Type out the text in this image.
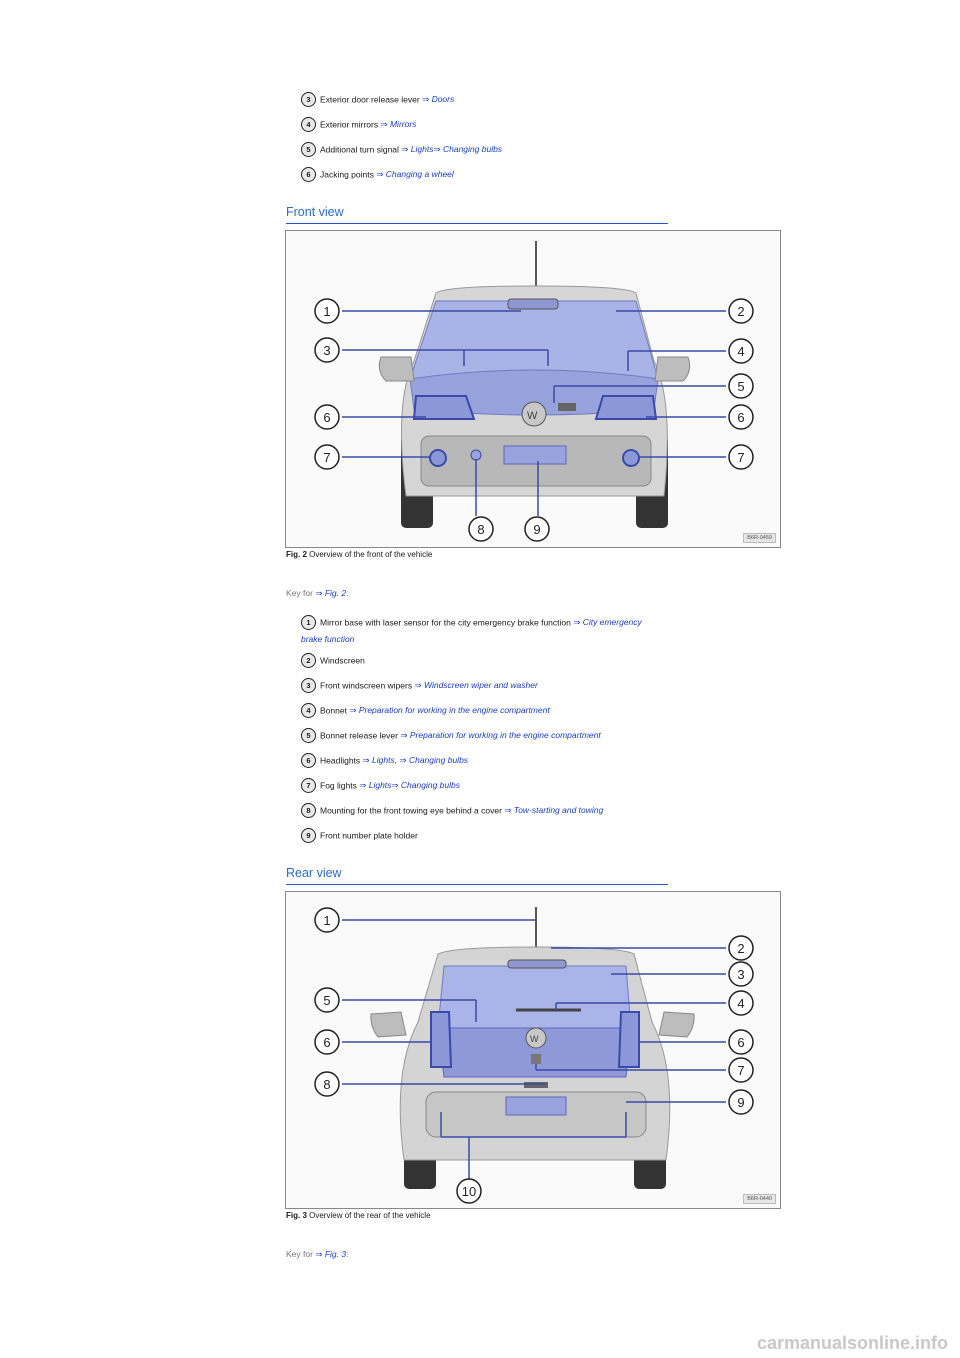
3 Exterior door release lever ⇒ Doors
4 Exterior mirrors ⇒ Mirrors
5 Additional turn signal ⇒ Lights⇒ Changing bulbs
6 Jacking points ⇒ Changing a wheel
Front view
W
1
3
6
7
2
4
5
6
7
8	9
B6R-0459
Fig. 2 Overview of the front of the vehicle
Key for ⇒ Fig. 2:
1 Mirror base with laser sensor for the city emergency brake function ⇒ City emergency
brake function
2 Windscreen
3 Front windscreen wipers ⇒ Windscreen wiper and washer
4 Bonnet ⇒ Preparation for working in the engine compartment
5 Bonnet release lever ⇒ Preparation for working in the engine compartment
6 Headlights ⇒ Lights, ⇒ Changing bulbs
7 Fog lights ⇒ Lights⇒ Changing bulbs
8 Mounting for the front towing eye behind a cover ⇒ Tow-starting and towing
9 Front number plate holder
Rear view
W
1
5
6
8
2
3
4
6
7
9
10	B6R-0440
Fig. 3 Overview of the rear of the vehicle
Key for ⇒ Fig. 3:
carmanualsonline.info
